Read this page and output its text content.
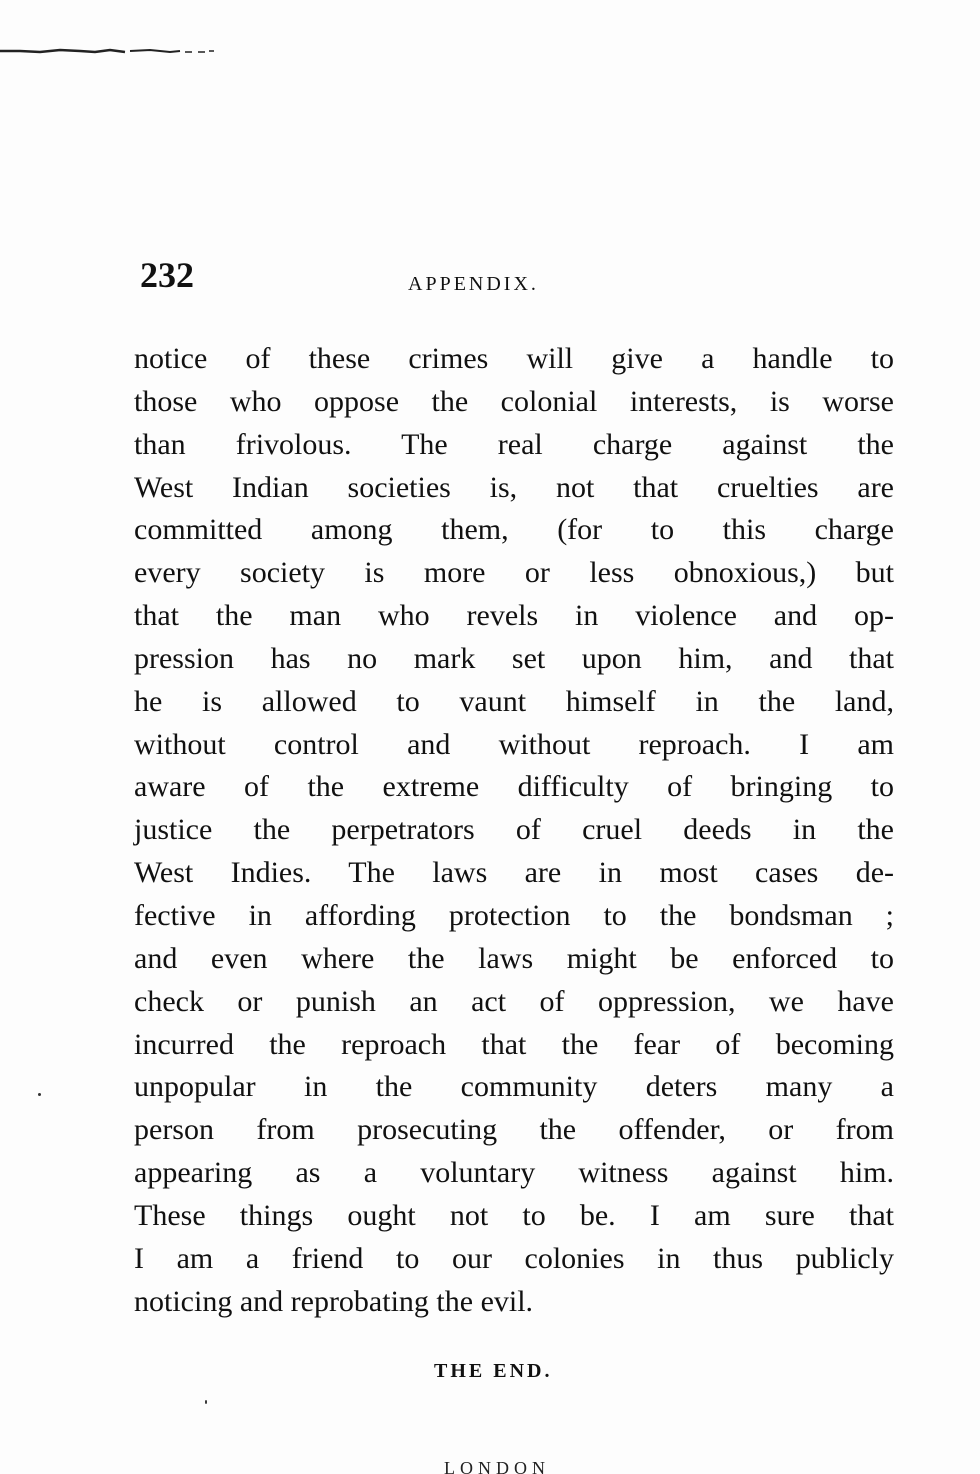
232	APPENDIX.
notice of these crimes will give a handle to
those who oppose the colonial interests, is worse
than frivolous. The real charge against the
West Indian societies is, not that cruelties are
committed among them, (for to this charge
every society is more or less obnoxious,) but
that the man who revels in violence and op-
pression has no mark set upon him, and that
he is allowed to vaunt himself in the land,
without control and without reproach. I am
aware of the extreme difficulty of bringing to
justice the perpetrators of cruel deeds in the
West Indies. The laws are in most cases de-
fective in affording protection to the bondsman ;
and even where the laws might be enforced to
check or punish an act of oppression, we have
incurred the reproach that the fear of becoming
unpopular in the community deters many a
person from prosecuting the offender, or from
appearing as a voluntary witness against him.
These things ought not to be. I am sure that
I am a friend to our colonies in thus publicly
noticing and reprobating the evil.
THE END.
LONDON
